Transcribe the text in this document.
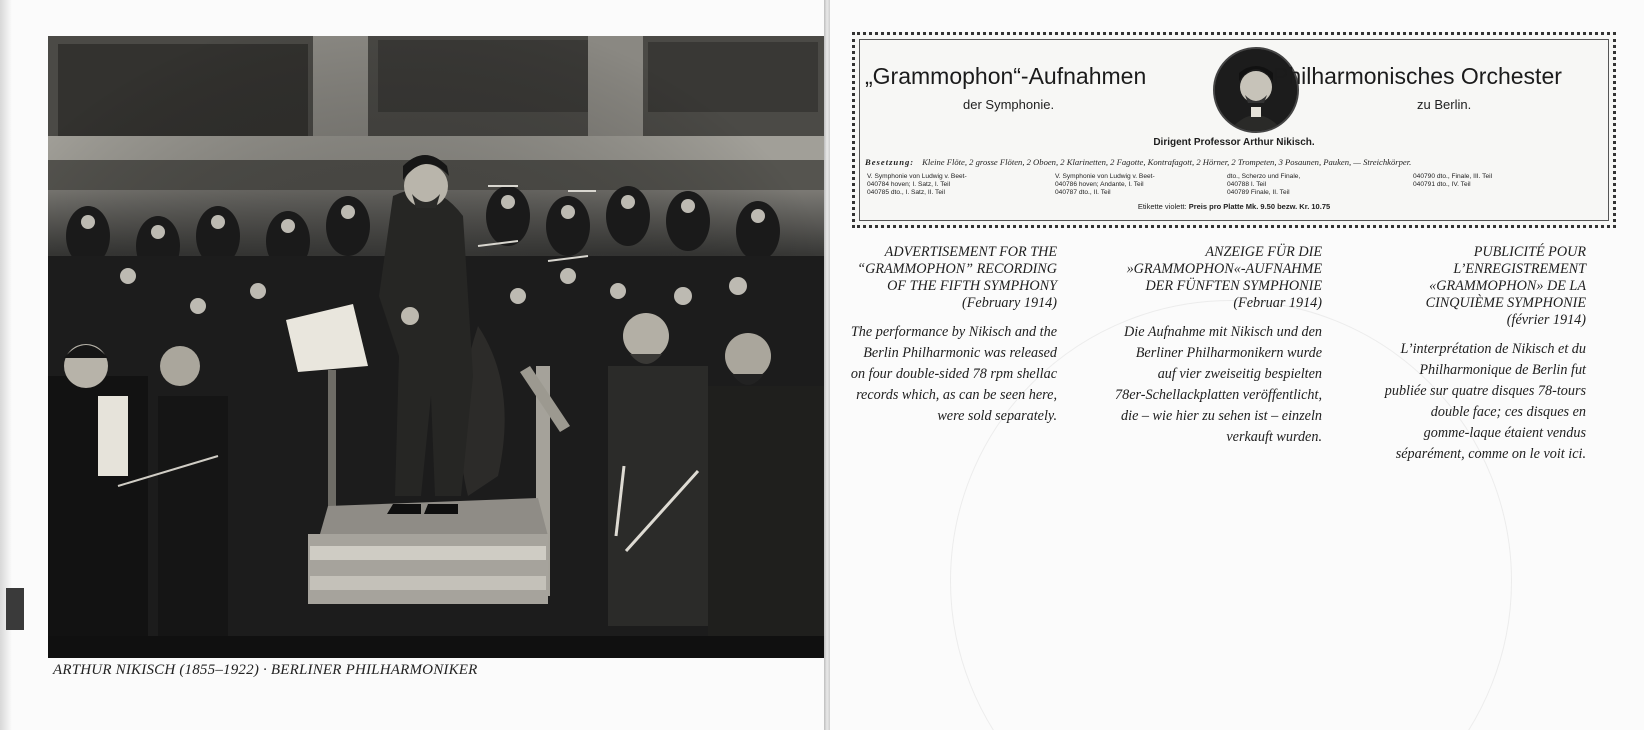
ARTHUR NIKISCH (1855–1922) · BERLINER PHILHARMONIKER
„Grammophon“-Aufnahmen
der Symphonie.
Philharmonisches Orchester
zu Berlin.
Dirigent Professor Arthur Nikisch.
Besetzung: Kleine Flöte, 2 grosse Flöten, 2 Oboen, 2 Klarinetten, 2 Fagotte, Kontrafagott, 2 Hörner, 2 Trompeten, 3 Posaunen, Pauken, — Streichkörper.
V. Symphonie von Ludwig v. Beet-
040784 hoven; I. Satz, I. Teil
040785 dto., I. Satz, II. Teil
V. Symphonie von Ludwig v. Beet-
040786 hoven; Andante, I. Teil
040787 dto., II. Teil
dto., Scherzo und Finale,
040788 I. Teil
040789 Finale, II. Teil
040790 dto., Finale, III. Teil
040791 dto., IV. Teil
Etikette violett: Preis pro Platte Mk. 9.50 bezw. Kr. 10.75
ADVERTISEMENT FOR THE
“GRAMMOPHON” RECORDING
OF THE FIFTH SYMPHONY
(February 1914)
The performance by Nikisch and the
Berlin Philharmonic was released
on four double-sided 78 rpm shellac
records which, as can be seen here,
were sold separately.
ANZEIGE FÜR DIE
»GRAMMOPHON«-AUFNAHME
DER FÜNFTEN SYMPHONIE
(Februar 1914)
Die Aufnahme mit Nikisch und den
Berliner Philharmonikern wurde
auf vier zweiseitig bespielten
78er-Schellackplatten veröffentlicht,
die – wie hier zu sehen ist – einzeln
verkauft wurden.
PUBLICITÉ POUR
L’ENREGISTREMENT
«GRAMMOPHON» DE LA
CINQUIÈME SYMPHONIE
(février 1914)
L’interprétation de Nikisch et du
Philharmonique de Berlin fut
publiée sur quatre disques 78-tours
double face; ces disques en
gomme-laque étaient vendus
séparément, comme on le voit ici.
